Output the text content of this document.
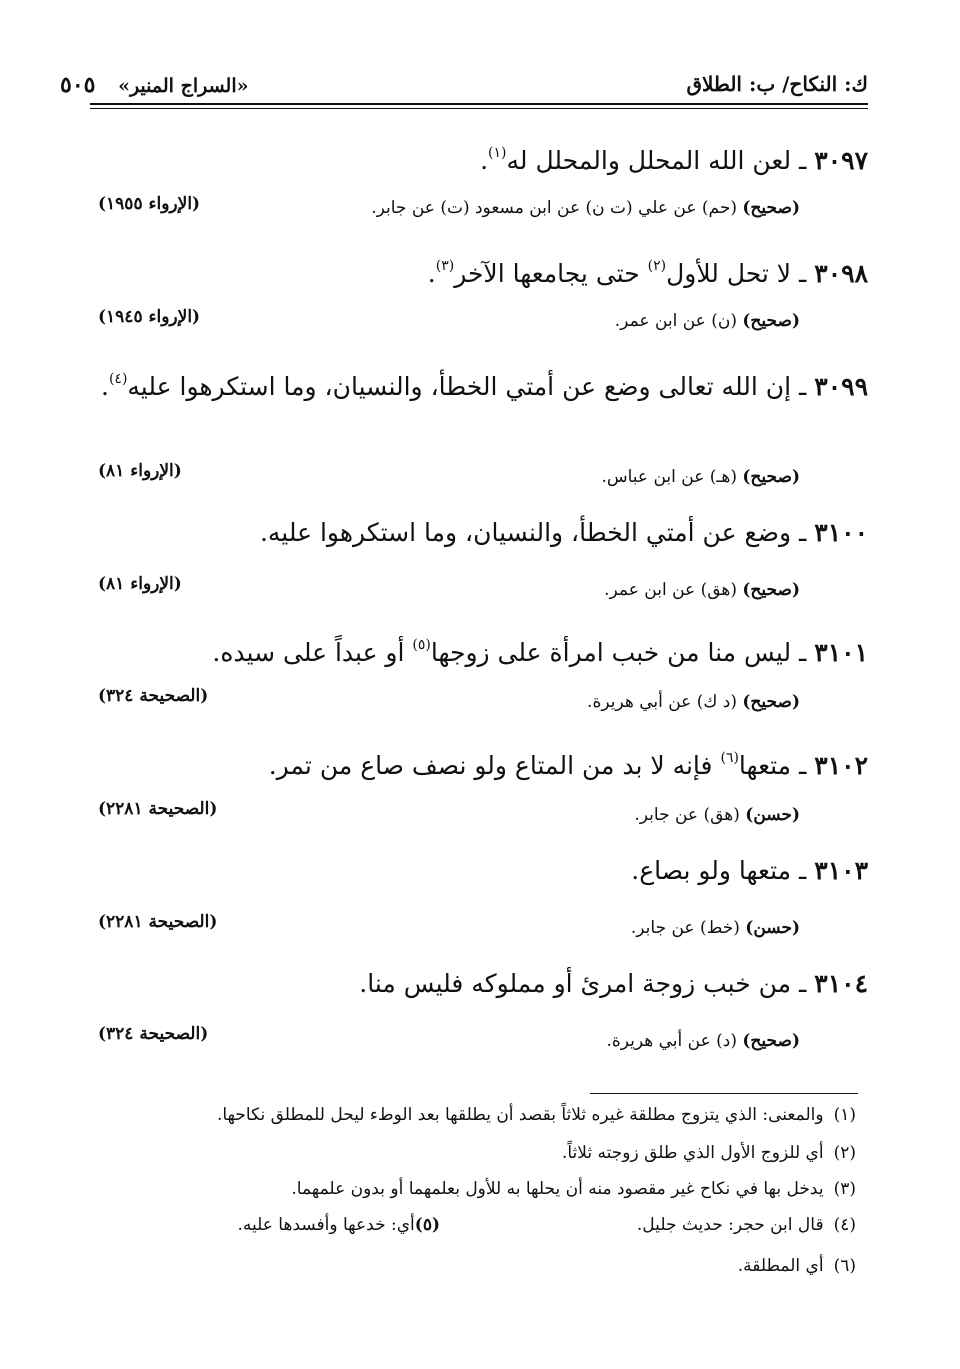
«السراج المنير» ٥٠٥	ك: النكاح/ ب: الطلاق
٣٠٩٧ ـ لعن الله المحلل والمحلل له$^{(١)}$.
(صحيح) (حم) عن علي (ت ن) عن ابن مسعود (ت) عن جابر.
(الإرواء ١٩٥٥)
٣٠٩٨ ـ لا تحل للأول$^{(٢)}$ حتى يجامعها الآخر$^{(٣)}$.
(صحيح) (ن) عن ابن عمر.
(الإرواء ١٩٤٥)
٣٠٩٩ ـ إن الله تعالى وضع عن أمتي الخطأ، والنسيان، وما استكرهوا عليه$^{(٤)}$.
(صحيح) (هـ) عن ابن عباس.
(الإرواء ٨١)
٣١٠٠ ـ وضع عن أمتي الخطأ، والنسيان، وما استكرهوا عليه.
(صحيح) (هق) عن ابن عمر.
(الإرواء ٨١)
٣١٠١ ـ ليس منا من خبب امرأة على زوجها$^{(٥)}$ أو عبداً على سيده.
(صحيح) (د ك) عن أبي هريرة.
(الصحيحة ٣٢٤)
٣١٠٢ ـ متعها$^{(٦)}$ فإنه لا بد من المتاع ولو نصف صاع من تمر.
(حسن) (هق) عن جابر.
(الصحيحة ٢٢٨١)
٣١٠٣ ـ متعها ولو بصاع.
(حسن) (خط) عن جابر.
(الصحيحة ٢٢٨١)
٣١٠٤ ـ من خبب زوجة امرئ أو مملوكه فليس منا.
(صحيح) (د) عن أبي هريرة.
(الصحيحة ٣٢٤)
(١)والمعنى: الذي يتزوج مطلقة غيره ثلاثاً بقصد أن يطلقها بعد الوطء ليحل للمطلق نكاحها.
(٢)أي للزوج الأول الذي طلق زوجته ثلاثاً.
(٣)يدخل بها في نكاح غير مقصود منه أن يحلها به للأول بعلمهما أو بدون علمهما.
(٤)قال ابن حجر: حديث جليل.
(٥)أي: خدعها وأفسدها عليه.
(٦)أي المطلقة.
